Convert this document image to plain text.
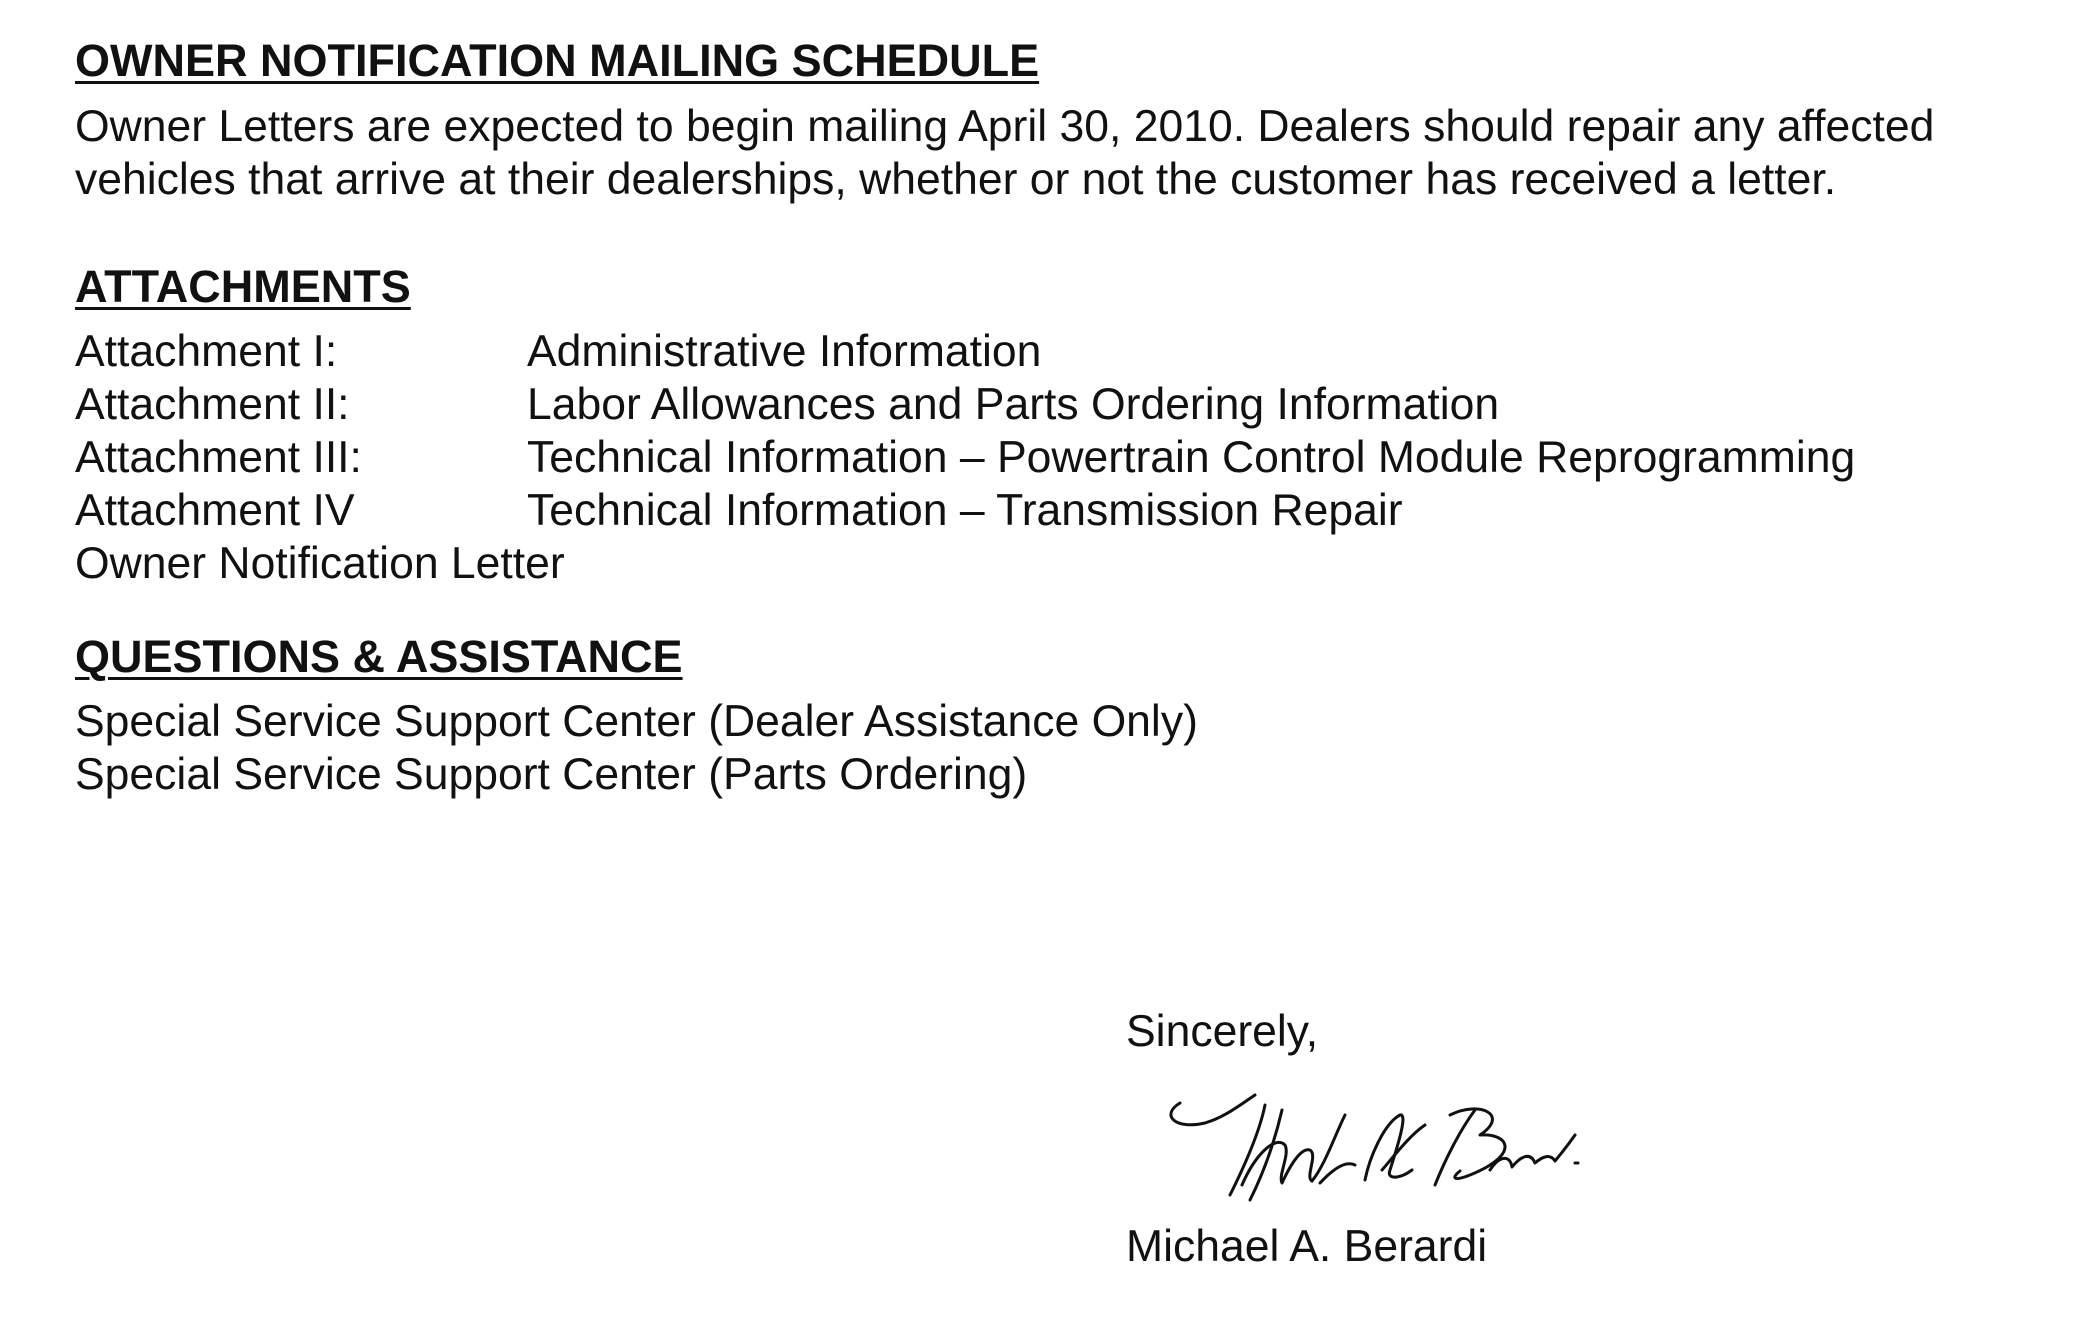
OWNER NOTIFICATION MAILING SCHEDULE

Owner Letters are expected to begin mailing April 30, 2010. Dealers should repair any affected vehicles that arrive at their dealerships, whether or not the customer has received a letter.

ATTACHMENTS
Attachment I:	Administrative Information
Attachment II:	Labor Allowances and Parts Ordering Information
Attachment III:	Technical Information – Powertrain Control Module Reprogramming
Attachment IV	Technical Information – Transmission Repair
Owner Notification Letter
QUESTIONS & ASSISTANCE
Special Service Support Center (Dealer Assistance Only)
Special Service Support Center (Parts Ordering)
Sincerely,
Michael A. Berardi
